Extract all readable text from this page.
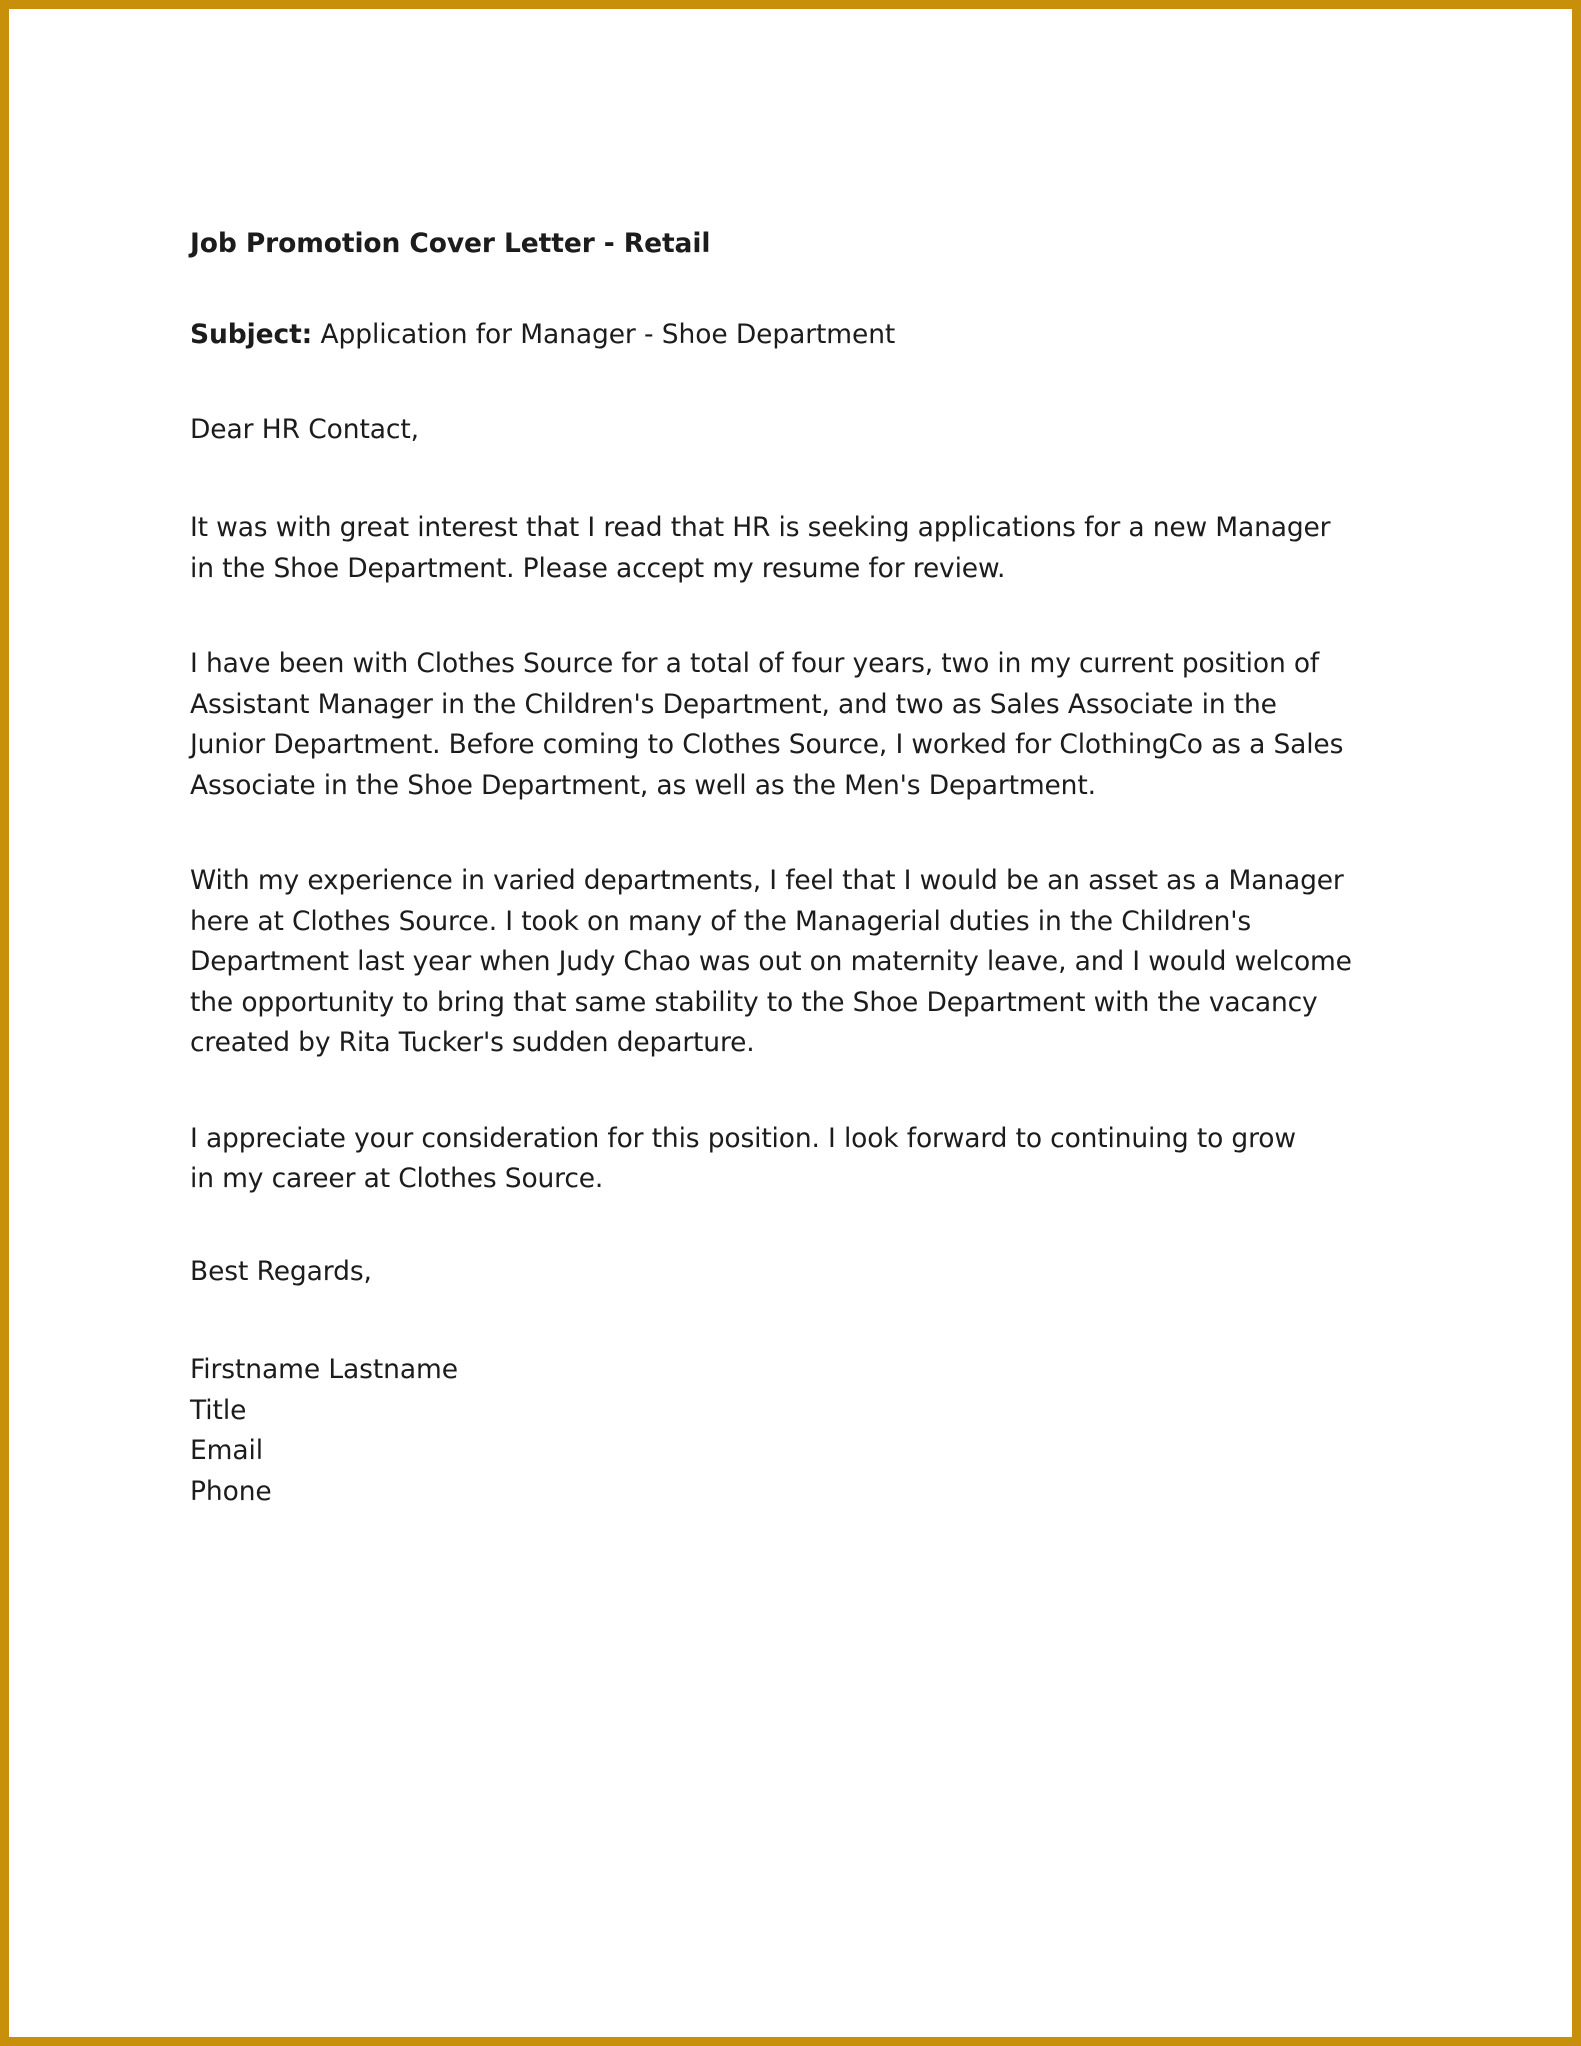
Job Promotion Cover Letter - Retail
Subject: Application for Manager - Shoe Department
Dear HR Contact,

It was with great interest that I read that HR is seeking applications for a new Manager in the Shoe Department. Please accept my resume for review.

I have been with Clothes Source for a total of four years, two in my current position of Assistant Manager in the Children's Department, and two as Sales Associate in the Junior Department. Before coming to Clothes Source, I worked for ClothingCo as a Sales Associate in the Shoe Department, as well as the Men's Department.

With my experience in varied departments, I feel that I would be an asset as a Manager here at Clothes Source. I took on many of the Managerial duties in the Children's Department last year when Judy Chao was out on maternity leave, and I would welcome the opportunity to bring that same stability to the Shoe Department with the vacancy created by Rita Tucker's sudden departure.

I appreciate your consideration for this position. I look forward to continuing to grow in my career at Clothes Source.

Best Regards,
Firstname Lastname
Title
Email
Phone
